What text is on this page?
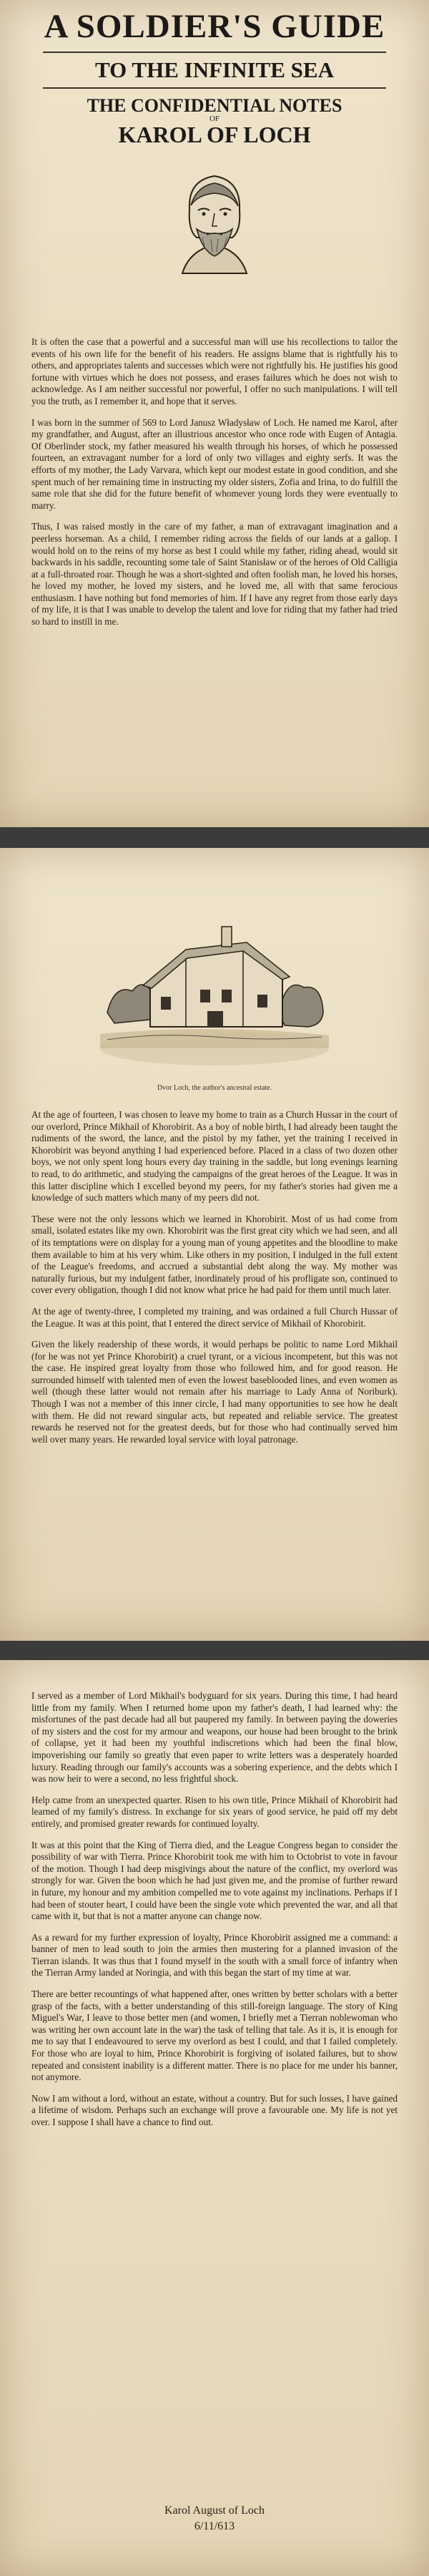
A SOLDIER'S GUIDE
TO THE INFINITE SEA
THE CONFIDENTIAL NOTES
OF
KAROL OF LOCH

It is often the case that a powerful and a successful man will use his recollections to tailor the events of his own life for the benefit of his readers. He assigns blame that is rightfully his to others, and appropriates talents and successes which were not rightfully his. He justifies his good fortune with virtues which he does not possess, and erases failures which he does not wish to acknowledge. As I am neither successful nor powerful, I offer no such manipulations. I will tell you the truth, as I remember it, and hope that it serves.

I was born in the summer of 569 to Lord Janusz Władysław of Loch. He named me Karol, after my grandfather, and August, after an illustrious ancestor who once rode with Eugen of Antagia. Of Oberlinder stock, my father measured his wealth through his horses, of which he possessed fourteen, an extravagant number for a lord of only two villages and eighty serfs. It was the efforts of my mother, the Lady Varvara, which kept our modest estate in good condition, and she spent much of her remaining time in instructing my older sisters, Zofia and Irina, to do fulfill the same role that she did for the future benefit of whomever young lords they were eventually to marry.

Thus, I was raised mostly in the care of my father, a man of extravagant imagination and a peerless horseman. As a child, I remember riding across the fields of our lands at a gallop. I would hold on to the reins of my horse as best I could while my father, riding ahead, would sit backwards in his saddle, recounting some tale of Saint Stanisław or of the heroes of Old Calligia at a full-throated roar. Though he was a short-sighted and often foolish man, he loved his horses, he loved my mother, he loved my sisters, and he loved me, all with that same ferocious enthusiasm. I have nothing but fond memories of him. If I have any regret from those early days of my life, it is that I was unable to develop the talent and love for riding that my father had tried so hard to instill in me.

Dvor Loch, the author's ancestral estate.

At the age of fourteen, I was chosen to leave my home to train as a Church Hussar in the court of our overlord, Prince Mikhail of Khorobirit. As a boy of noble birth, I had already been taught the rudiments of the sword, the lance, and the pistol by my father, yet the training I received in Khorobirit was beyond anything I had experienced before. Placed in a class of two dozen other boys, we not only spent long hours every day training in the saddle, but long evenings learning to read, to do arithmetic, and studying the campaigns of the great heroes of the League. It was in this latter discipline which I excelled beyond my peers, for my father's stories had given me a knowledge of such matters which many of my peers did not.

These were not the only lessons which we learned in Khorobirit. Most of us had come from small, isolated estates like my own. Khorobirit was the first great city which we had seen, and all of its temptations were on display for a young man of young appetites and the bloodline to make them available to him at his very whim. Like others in my position, I indulged in the full extent of the League's freedoms, and accrued a substantial debt along the way. My mother was naturally furious, but my indulgent father, inordinately proud of his profligate son, continued to cover every obligation, though I did not know what price he had paid for them until much later.

At the age of twenty-three, I completed my training, and was ordained a full Church Hussar of the League. It was at this point, that I entered the direct service of Mikhail of Khorobirit.

Given the likely readership of these words, it would perhaps be politic to name Lord Mikhail (for he was not yet Prince Khorobirit) a cruel tyrant, or a vicious incompetent, but this was not the case. He inspired great loyalty from those who followed him, and for good reason. He surrounded himself with talented men of even the lowest baseblooded lines, and even women as well (though these latter would not remain after his marriage to Lady Anna of Noriburk). Though I was not a member of this inner circle, I had many opportunities to see how he dealt with them. He did not reward singular acts, but repeated and reliable service. The greatest rewards he reserved not for the greatest deeds, but for those who had continually served him well over many years. He rewarded loyal service with loyal patronage.

I served as a member of Lord Mikhail's bodyguard for six years. During this time, I had heard little from my family. When I returned home upon my father's death, I had learned why: the misfortunes of the past decade had all but paupered my family. In between paying the doweries of my sisters and the cost for my armour and weapons, our house had been brought to the brink of collapse, yet it had been my youthful indiscretions which had been the final blow, impoverishing our family so greatly that even paper to write letters was a desperately hoarded luxury. Reading through our family's accounts was a sobering experience, and the debts which I was now heir to were a second, no less frightful shock.

Help came from an unexpected quarter. Risen to his own title, Prince Mikhail of Khorobirit had learned of my family's distress. In exchange for six years of good service, he paid off my debt entirely, and promised greater rewards for continued loyalty.

It was at this point that the King of Tierra died, and the League Congress began to consider the possibility of war with Tierra. Prince Khorobirit took me with him to Octobrist to vote in favour of the motion. Though I had deep misgivings about the nature of the conflict, my overlord was strongly for war. Given the boon which he had just given me, and the promise of further reward in future, my honour and my ambition compelled me to vote against my inclinations. Perhaps if I had been of stouter heart, I could have been the single vote which prevented the war, and all that came with it, but that is not a matter anyone can change now.

As a reward for my further expression of loyalty, Prince Khorobirit assigned me a command: a banner of men to lead south to join the armies then mustering for a planned invasion of the Tierran islands. It was thus that I found myself in the south with a small force of infantry when the Tierran Army landed at Noringia, and with this began the start of my time at war.

There are better recountings of what happened after, ones written by better scholars with a better grasp of the facts, with a better understanding of this still-foreign language. The story of King Miguel's War, I leave to those better men (and women, I briefly met a Tierran noblewoman who was writing her own account late in the war) the task of telling that tale. As it is, it is enough for me to say that I endeavoured to serve my overlord as best I could, and that I failed completely. For those who are loyal to him, Prince Khorobirit is forgiving of isolated failures, but to show repeated and consistent inability is a different matter. There is no place for me under his banner, not anymore.

Now I am without a lord, without an estate, without a country. But for such losses, I have gained a lifetime of wisdom. Perhaps such an exchange will prove a favourable one. My life is not yet over. I suppose I shall have a chance to find out.

Karol August of Loch
6/11/613
